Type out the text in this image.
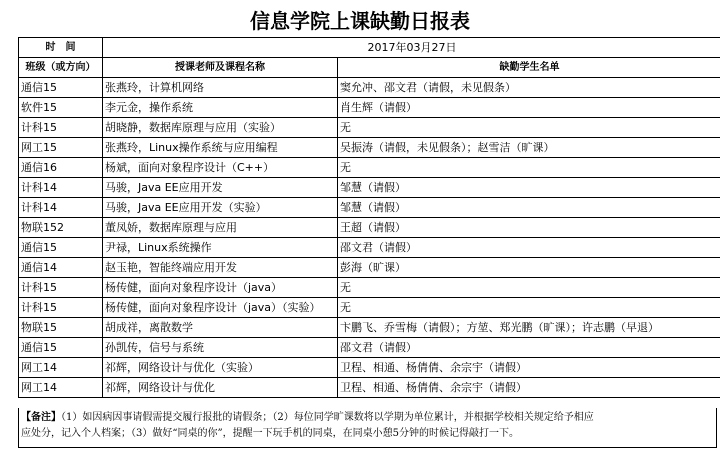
信息学院上课缺勤日报表
时　间	2017年03月27日	
班级（或方向）	授课老师及课程名称	缺勤学生名单
通信15	张燕玲，计算机网络	窦允冲、邵文君（请假，未见假条）
软件15	李元金，操作系统	肖生辉（请假）
计科15	胡晓静，数据库原理与应用（实验）	无
网工15	张燕玲，Linux操作系统与应用编程	吴振涛（请假，未见假条）；赵雪洁（旷课）
通信16	杨斌，面向对象程序设计（C++）	无
计科14	马骏，Java EE应用开发	邹慧（请假）
计科14	马骏，Java EE应用开发（实验）	邹慧（请假）
物联152	董凤娇，数据库原理与应用	王超（请假）
通信15	尹禄，Linux系统操作	邵文君（请假）
通信14	赵玉艳，智能终端应用开发	彭海（旷课）
计科15	杨传健，面向对象程序设计（java）	无
计科15	杨传健，面向对象程序设计（java）（实验）	无
物联15	胡成祥，离散数学	卞鹏飞、乔雪梅（请假）；方堃、郑光鹏（旷课）；许志鹏（早退）
通信15	孙凯传，信号与系统	邵文君（请假）
网工14	祁辉，网络设计与优化（实验）	卫程、相通、杨倩倩、余宗宇（请假）
网工14	祁辉，网络设计与优化	卫程、相通、杨倩倩、余宗宇（请假）
【备注】（1）如因病因事请假需提交履行报批的请假条；（2）每位同学旷课数将以学期为单位累计，并根据学校相关规定给予相应
应处分，记入个人档案；（3）做好“同桌的你”，提醒一下玩手机的同桌，在同桌小憩5分钟的时候记得敲打一下。
